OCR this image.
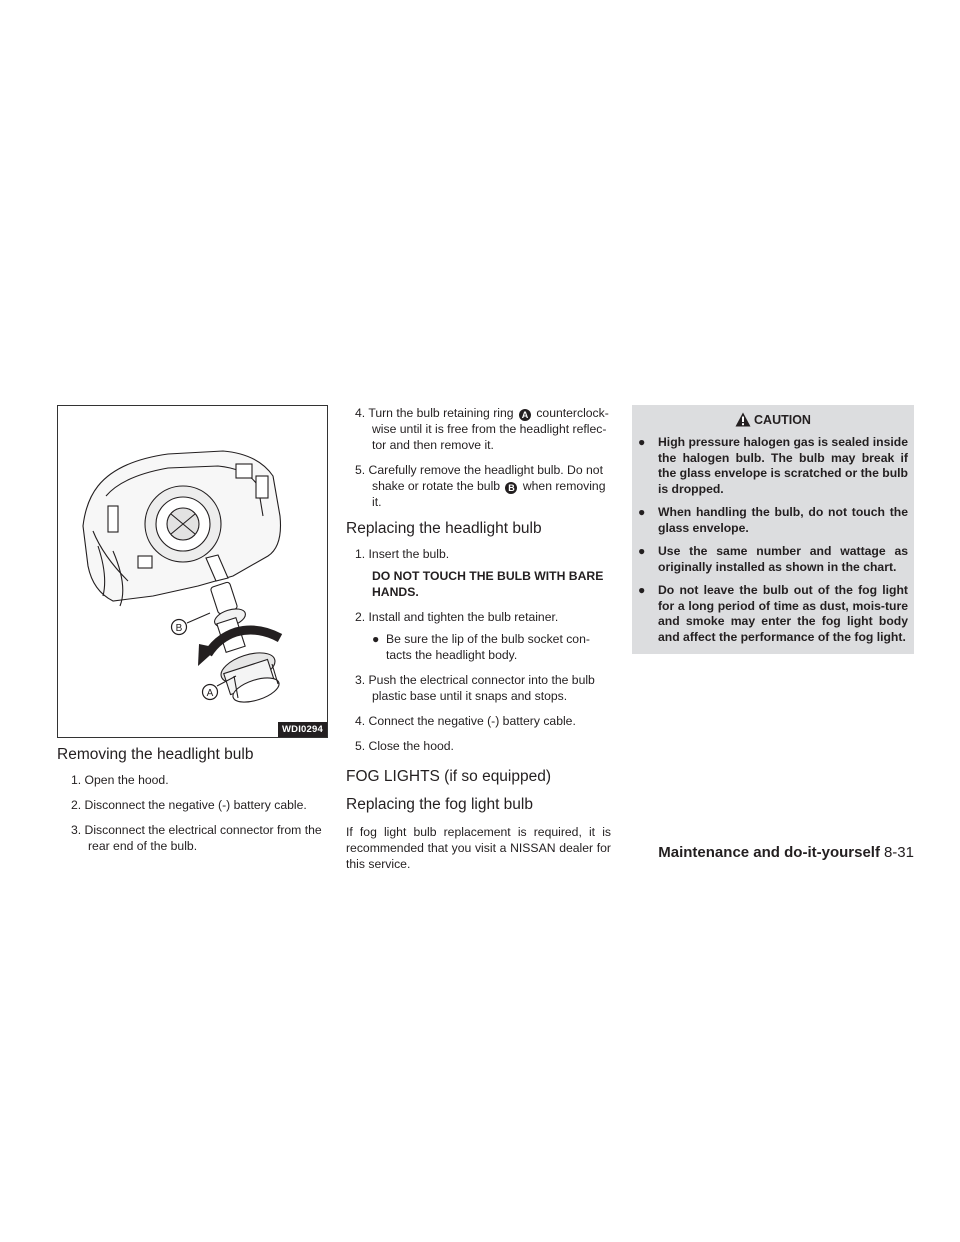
B
A
WDI0294
Removing the headlight bulb
1. Open the hood.
2. Disconnect the negative (-) battery cable.
3. Disconnect the electrical connector from the rear end of the bulb.
4. Turn the bulb retaining ring A counterclock-wise until it is free from the headlight reflec-tor and then remove it.
5. Carefully remove the headlight bulb. Do not shake or rotate the bulb B when removing it.
Replacing the headlight bulb
1. Insert the bulb.
DO NOT TOUCH THE BULB WITH BARE HANDS.
2. Install and tighten the bulb retainer.
● Be sure the lip of the bulb socket con-tacts the headlight body.
3. Push the electrical connector into the bulb plastic base until it snaps and stops.
4. Connect the negative (-) battery cable.
5. Close the hood.
FOG LIGHTS (if so equipped)
Replacing the fog light bulb

If fog light bulb replacement is required, it is recommended that you visit a NISSAN dealer for this service.

CAUTION
● High pressure halogen gas is sealed inside the halogen bulb. The bulb may break if the glass envelope is scratched or the bulb is dropped.
● When handling the bulb, do not touch the glass envelope.
● Use the same number and wattage as originally installed as shown in the chart.
● Do not leave the bulb out of the fog light for a long period of time as dust, mois-ture and smoke may enter the fog light body and affect the performance of the fog light.
Maintenance and do-it-yourself 8-31
